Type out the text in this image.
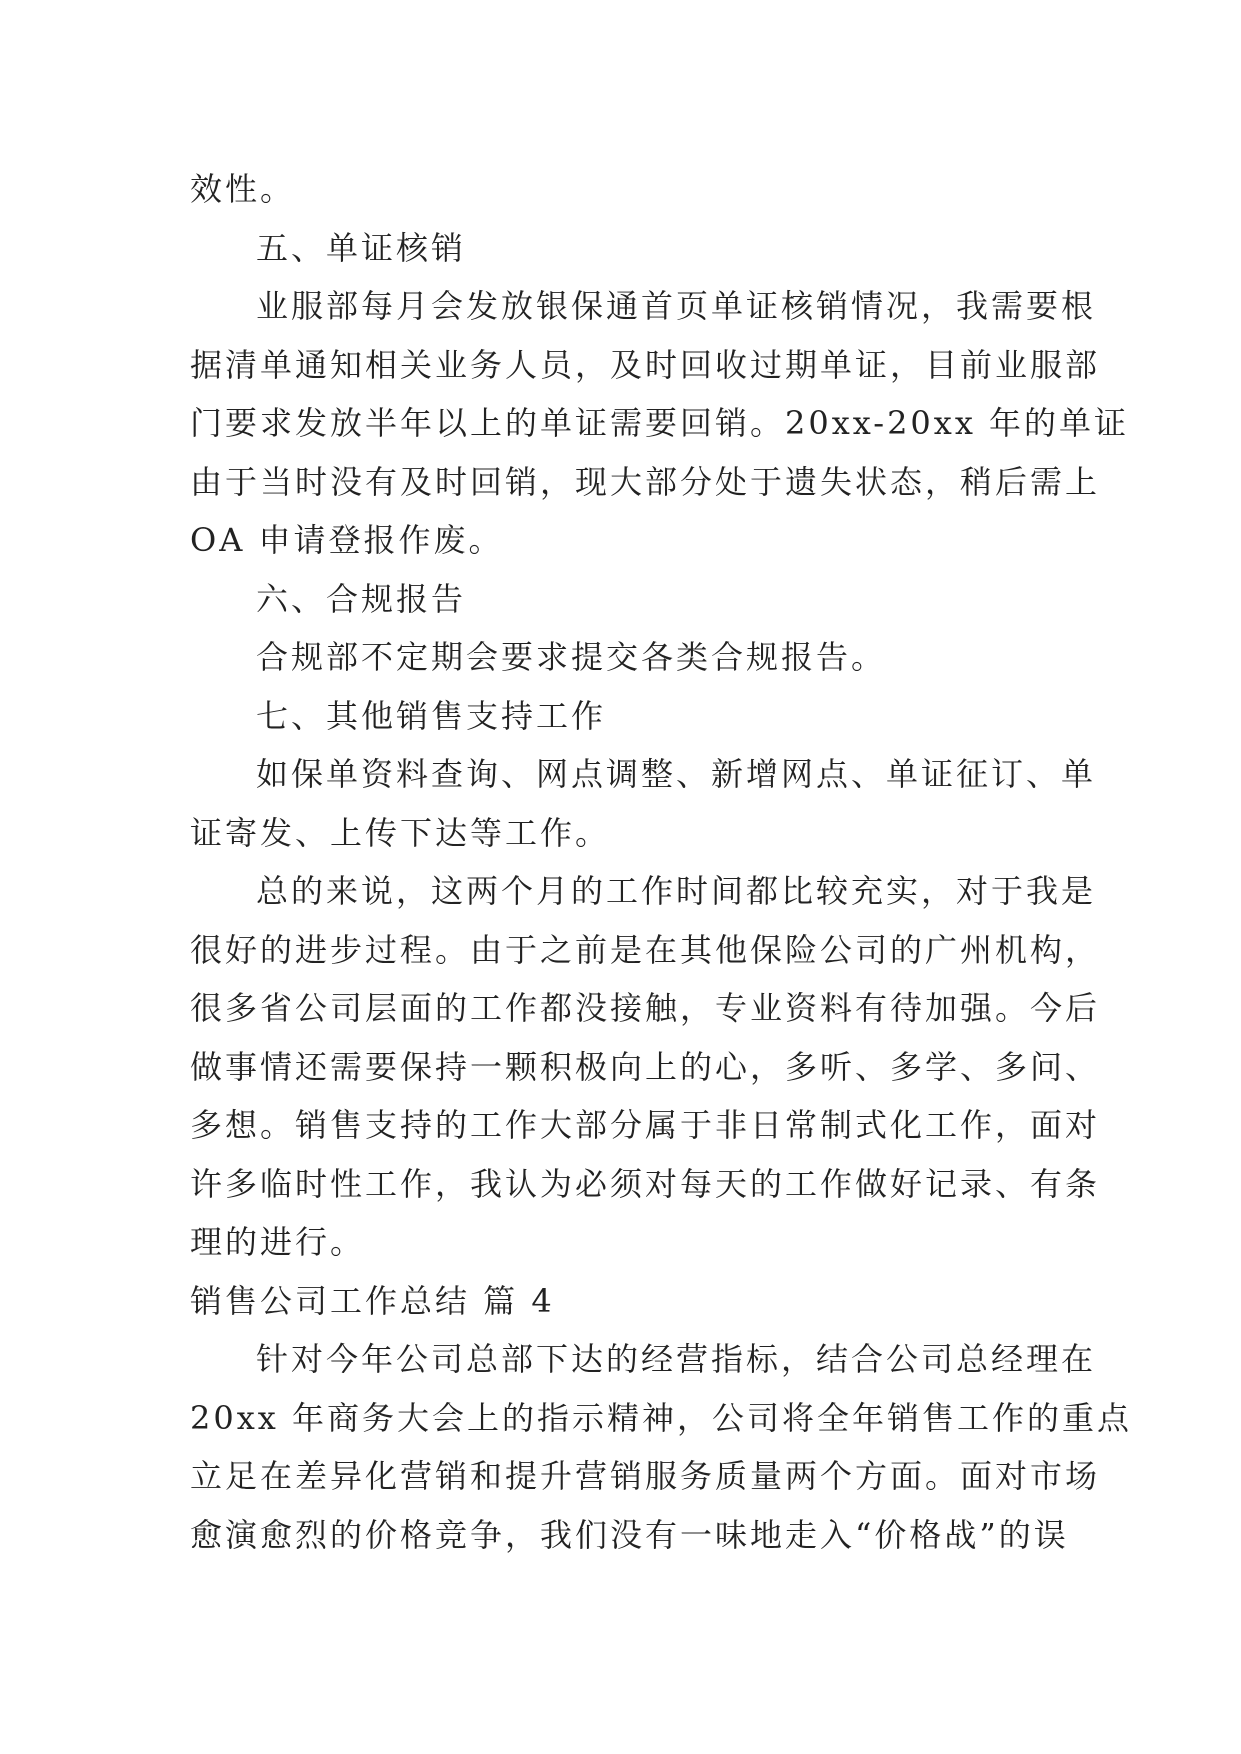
效性。
五、单证核销
业服部每月会发放银保通首页单证核销情况，我需要根
据清单通知相关业务人员，及时回收过期单证，目前业服部
门要求发放半年以上的单证需要回销。20xx-20xx 年的单证
由于当时没有及时回销，现大部分处于遗失状态，稍后需上
OA 申请登报作废。
六、合规报告
合规部不定期会要求提交各类合规报告。
七、其他销售支持工作
如保单资料查询、网点调整、新增网点、单证征订、单
证寄发、上传下达等工作。
总的来说，这两个月的工作时间都比较充实，对于我是
很好的进步过程。由于之前是在其他保险公司的广州机构，
很多省公司层面的工作都没接触，专业资料有待加强。今后
做事情还需要保持一颗积极向上的心，多听、多学、多问、
多想。销售支持的工作大部分属于非日常制式化工作，面对
许多临时性工作，我认为必须对每天的工作做好记录、有条
理的进行。
销售公司工作总结 篇 4
针对今年公司总部下达的经营指标，结合公司总经理在
20xx 年商务大会上的指示精神，公司将全年销售工作的重点
立足在差异化营销和提升营销服务质量两个方面。面对市场
愈演愈烈的价格竞争，我们没有一味地走入“价格战”的误
